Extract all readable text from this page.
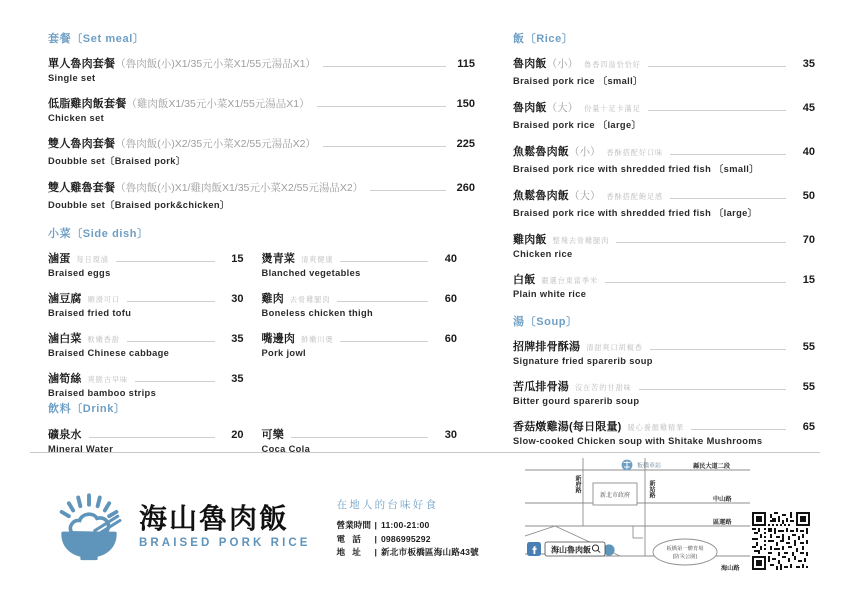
套餐〔Set meal〕
單人魯肉套餐 （魯肉飯(小)X1/35元小菜X1/55元湯品X1）	115
Single set
低脂雞肉飯套餐 （雞肉飯X1/35元小菜X1/55元湯品X1）	150
Chicken set
雙人魯肉套餐 （魯肉飯(小)X2/35元小菜X2/55元湯品X2）	225
Doubble set〔Braised pork〕
雙人雞魯套餐 （魯肉飯(小)X1/雞肉飯X1/35元小菜X2/55元湯品X2）	260
Doubble set〔Braised pork&chicken〕
小菜〔Side dish〕
滷蛋 每日現滷	15
Braised eggs
燙青菜 清爽健康	40
Blanched vegetables
滷豆腐 順滑可口	30
Braised fried tofu
雞肉 去骨雞腿肉	60
Boneless chicken thigh
滷白菜 軟嫩香甜	35
Braised Chinese cabbage
嘴邊肉 鮮嫩川燙	60
Pork jowl
滷筍絲 爽脆古早味	35
Braised bamboo strips
飲料〔Drink〕
礦泉水	20
Mineral Water
可樂	30
Coca Cola
飯〔Rice〕
魯肉飯 （小） 魯香四溢恰恰好	35
Braised pork rice 〔small〕
魯肉飯 （大） 份量十足卡滿足	45
Braised pork rice 〔large〕
魚鬆魯肉飯 （小） 香酥搭配好口味	40
Braised pork rice with shredded fried fish 〔small〕
魚鬆魯肉飯 （大） 香酥搭配飽足感	50
Braised pork rice with shredded fried fish 〔large〕
雞肉飯 整塊去骨雞腿肉	70
Chicken rice
白飯 嚴選台東當季米	15
Plain white rice
湯〔Soup〕
招牌排骨酥湯 清甜爽口胡椒香	55
Signature fried sparerib soup
苦瓜排骨湯 沒在苦的甘甜味	55
Bitter gourd sparerib soup
香菇燉雞湯(每日限量) 暖心養顏雞精華	65
Slow-cooked Chicken soup with Shitake Mushrooms
海山魯肉飯
BRAISED PORK RICE
在地人的台味好食
營業時間 | 11:00-21:00
電   話	| 0986995292
地   址	| 新北市板橋區海山路43號
新北市政府
板橋車站
板橋第一體育場
(防災公園)
縣民大道二段
中山路
區運路
海山路
新府路	新站路
海山魯肉飯
